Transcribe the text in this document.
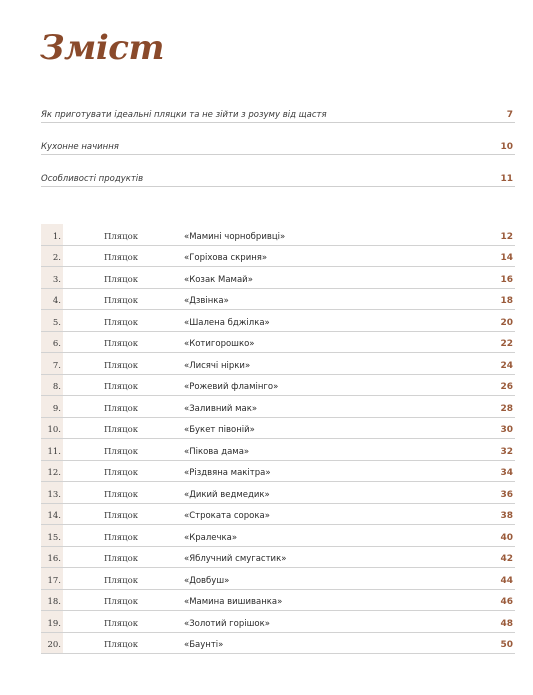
Зміст
Як приготувати ідеальні пляцки та не зійти з розуму від щастя	7
Кухонне начиння	10
Особливості продуктів	11
1.	Пляцок	«Мамині чорнобривці»	12
2.	Пляцок	«Горіхова скриня»	14
3.	Пляцок	«Козак Мамай»	16
4.	Пляцок	«Дзвінка»	18
5.	Пляцок	«Шалена бджілка»	20
6.	Пляцок	«Котигорошко»	22
7.	Пляцок	«Лисячі нірки»	24
8.	Пляцок	«Рожевий фламінго»	26
9.	Пляцок	«Заливний мак»	28
10.	Пляцок	«Букет півоній»	30
11.	Пляцок	«Пікова дама»	32
12.	Пляцок	«Різдвяна макітра»	34
13.	Пляцок	«Дикий ведмедик»	36
14.	Пляцок	«Строката сорока»	38
15.	Пляцок	«Кралечка»	40
16.	Пляцок	«Яблучний смугастик»	42
17.	Пляцок	«Довбуш»	44
18.	Пляцок	«Мамина вишиванка»	46
19.	Пляцок	«Золотий горішок»	48
20.	Пляцок	«Баунті»	50
